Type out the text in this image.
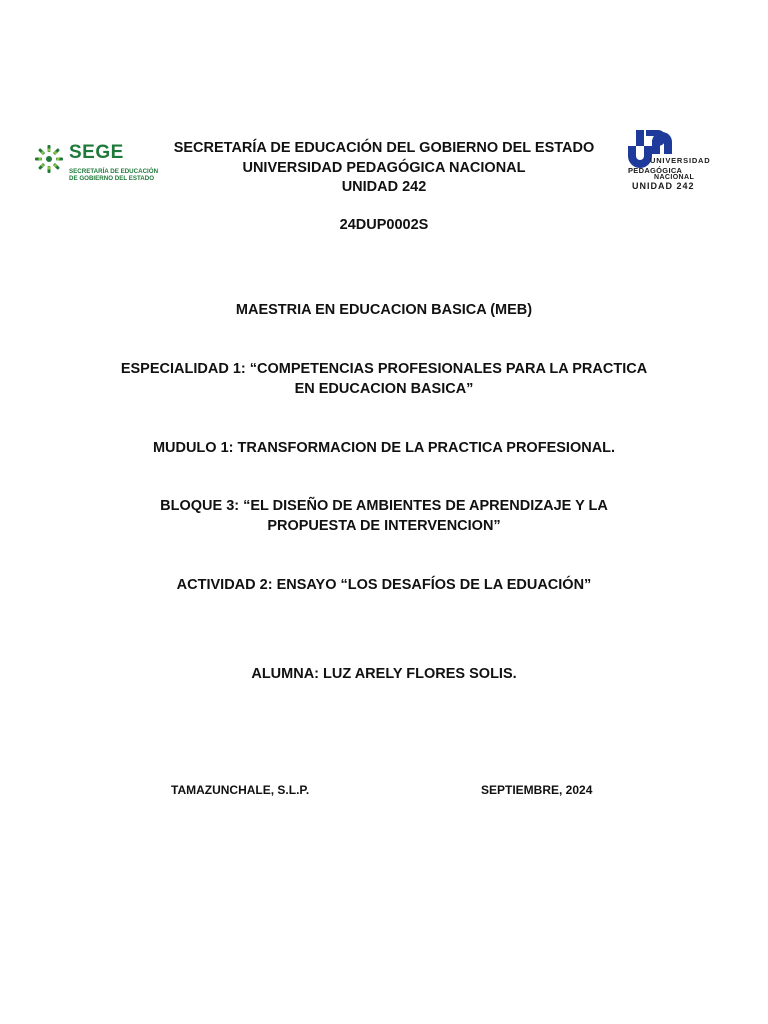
SEGE
SECRETARÍA DE EDUCACIÓN
DE GOBIERNO DEL ESTADO
UNIVERSIDAD
PEDAGÓGICA
NACIONAL
UNIDAD 242
SECRETARÍA DE EDUCACIÓN DEL GOBIERNO DEL ESTADO
UNIVERSIDAD PEDAGÓGICA NACIONAL
UNIDAD 242
24DUP0002S
MAESTRIA EN EDUCACION BASICA (MEB)
ESPECIALIDAD 1: “COMPETENCIAS PROFESIONALES PARA LA PRACTICA
EN EDUCACION BASICA”
MUDULO 1: TRANSFORMACION DE LA PRACTICA PROFESIONAL.
BLOQUE 3: “EL DISEÑO DE AMBIENTES DE APRENDIZAJE Y LA
PROPUESTA DE INTERVENCION”
ACTIVIDAD 2: ENSAYO “LOS DESAFÍOS DE LA EDUACIÓN”
ALUMNA: LUZ ARELY FLORES SOLIS.
TAMAZUNCHALE, S.L.P.	SEPTIEMBRE, 2024
